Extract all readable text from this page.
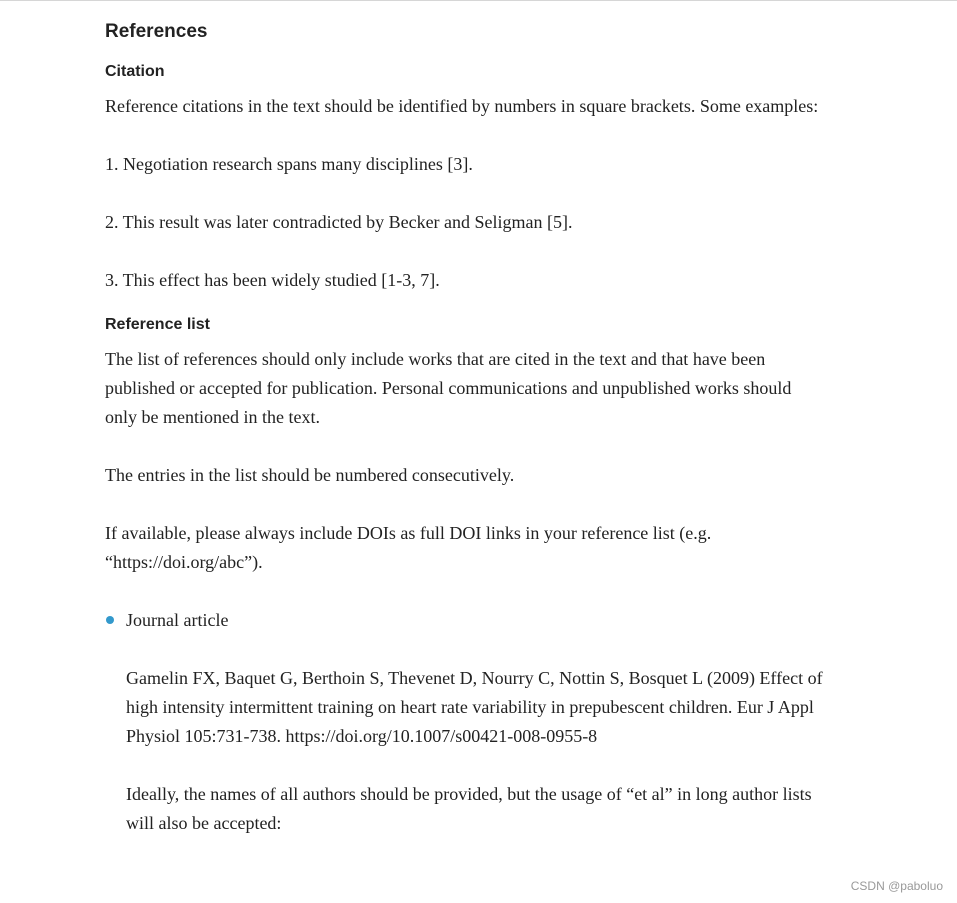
References
Citation

Reference citations in the text should be identified by numbers in square brackets. Some examples:

1. Negotiation research spans many disciplines [3].

2. This result was later contradicted by Becker and Seligman [5].

3. This effect has been widely studied [1-3, 7].

Reference list

The list of references should only include works that are cited in the text and that have been published or accepted for publication. Personal communications and unpublished works should only be mentioned in the text.

The entries in the list should be numbered consecutively.

If available, please always include DOIs as full DOI links in your reference list (e.g. “https://doi.org/abc”).

Journal article

Gamelin FX, Baquet G, Berthoin S, Thevenet D, Nourry C, Nottin S, Bosquet L (2009) Effect of high intensity intermittent training on heart rate variability in prepubescent children. Eur J Appl Physiol 105:731-738. https://doi.org/10.1007/s00421-008-0955-8

Ideally, the names of all authors should be provided, but the usage of “et al” in long author lists will also be accepted:

CSDN @paboluo
